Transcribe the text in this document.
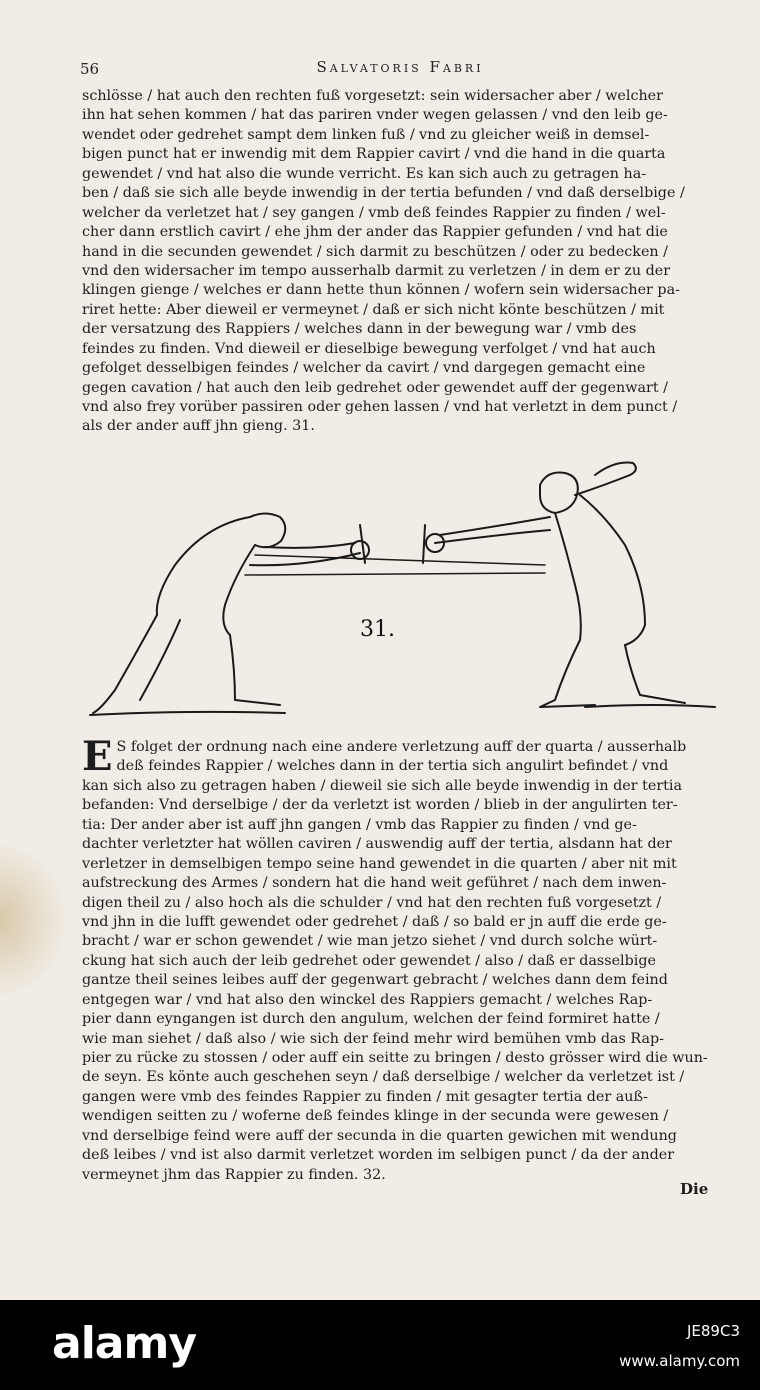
56	Salvatoris Fabri
schlösse / hat auch den rechten fuß vorgesetzt: sein widersacher aber / welcher
ihn hat sehen kommen / hat das pariren vnder wegen gelassen / vnd den leib ge-
wendet oder gedrehet sampt dem linken fuß / vnd zu gleicher weiß in demsel-
bigen punct hat er inwendig mit dem Rappier cavirt / vnd die hand in die quarta
gewendet / vnd hat also die wunde verricht. Es kan sich auch zu getragen ha-
ben / daß sie sich alle beyde inwendig in der tertia befunden / vnd daß derselbige /
welcher da verletzet hat / sey gangen / vmb deß feindes Rappier zu finden / wel-
cher dann erstlich cavirt / ehe jhm der ander das Rappier gefunden / vnd hat die
hand in die secunden gewendet / sich darmit zu beschützen / oder zu bedecken /
vnd den widersacher im tempo ausserhalb darmit zu verletzen / in dem er zu der
klingen gienge / welches er dann hette thun können / wofern sein widersacher pa-
riret hette: Aber dieweil er vermeynet / daß er sich nicht könte beschützen / mit
der versatzung des Rappiers / welches dann in der bewegung war / vmb des
feindes zu finden. Vnd dieweil er dieselbige bewegung verfolget / vnd hat auch
gefolget desselbigen feindes / welcher da cavirt / vnd dargegen gemacht eine
gegen cavation / hat auch den leib gedrehet oder gewendet auff der gegenwart /
vnd also frey vorüber passiren oder gehen lassen / vnd hat verletzt in dem punct /
als der ander auff jhn gieng. 31.
31.
E S folget der ordnung nach eine andere verletzung auff der quarta / ausserhalb
deß feindes Rappier / welches dann in der tertia sich angulirt befindet / vnd
kan sich also zu getragen haben / dieweil sie sich alle beyde inwendig in der tertia
befanden: Vnd derselbige / der da verletzt ist worden / blieb in der angulirten ter-
tia: Der ander aber ist auff jhn gangen / vmb das Rappier zu finden / vnd ge-
dachter verletzter hat wöllen caviren / auswendig auff der tertia, alsdann hat der
verletzer in demselbigen tempo seine hand gewendet in die quarten / aber nit mit
aufstreckung des Armes / sondern hat die hand weit geführet / nach dem inwen-
digen theil zu / also hoch als die schulder / vnd hat den rechten fuß vorgesetzt /
vnd jhn in die lufft gewendet oder gedrehet / daß / so bald er jn auff die erde ge-
bracht / war er schon gewendet / wie man jetzo siehet / vnd durch solche würt-
ckung hat sich auch der leib gedrehet oder gewendet / also / daß er dasselbige
gantze theil seines leibes auff der gegenwart gebracht / welches dann dem feind
entgegen war / vnd hat also den winckel des Rappiers gemacht / welches Rap-
pier dann eyngangen ist durch den angulum, welchen der feind formiret hatte /
wie man siehet / daß also / wie sich der feind mehr wird bemühen vmb das Rap-
pier zu rücke zu stossen / oder auff ein seitte zu bringen / desto grösser wird die wun-
de seyn. Es könte auch geschehen seyn / daß derselbige / welcher da verletzet ist /
gangen were vmb des feindes Rappier zu finden / mit gesagter tertia der auß-
wendigen seitten zu / woferne deß feindes klinge in der secunda were gewesen /
vnd derselbige feind were auff der secunda in die quarten gewichen mit wendung
deß leibes / vnd ist also darmit verletzet worden im selbigen punct / da der ander
vermeynet jhm das Rappier zu finden. 32.
Die
alamy	JE89C3
www.alamy.com
